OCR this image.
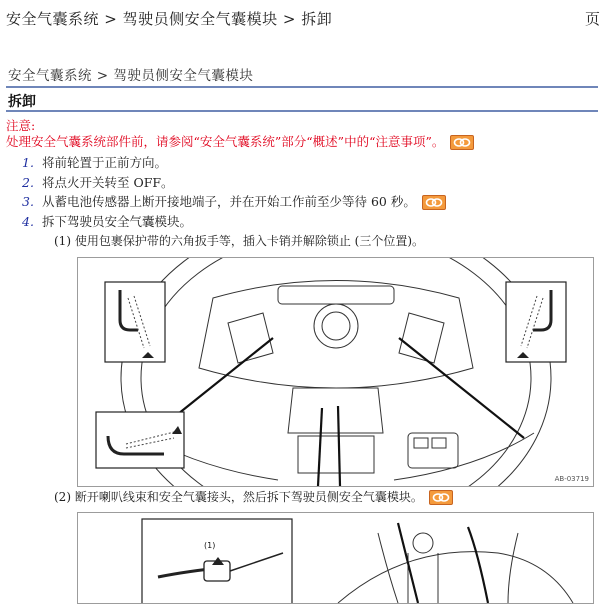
安全气囊系统 > 驾驶员侧安全气囊模块 > 拆卸	页
安全气囊系统 > 驾驶员侧安全气囊模块
拆卸
注意:
处理安全气囊系统部件前，请参阅“安全气囊系统”部分“概述”中的“注意事项”。
1. 将前轮置于正前方向。
2. 将点火开关转至 OFF。
3. 从蓄电池传感器上断开接地端子，并在开始工作前至少等待 60 秒。
4. 拆下驾驶员安全气囊模块。
(1) 使用包裹保护带的六角扳手等，插入卡销并解除锁止 (三个位置)。
AB-03719
(2) 断开喇叭线束和安全气囊接头，然后拆下驾驶员侧安全气囊模块。
(1)
